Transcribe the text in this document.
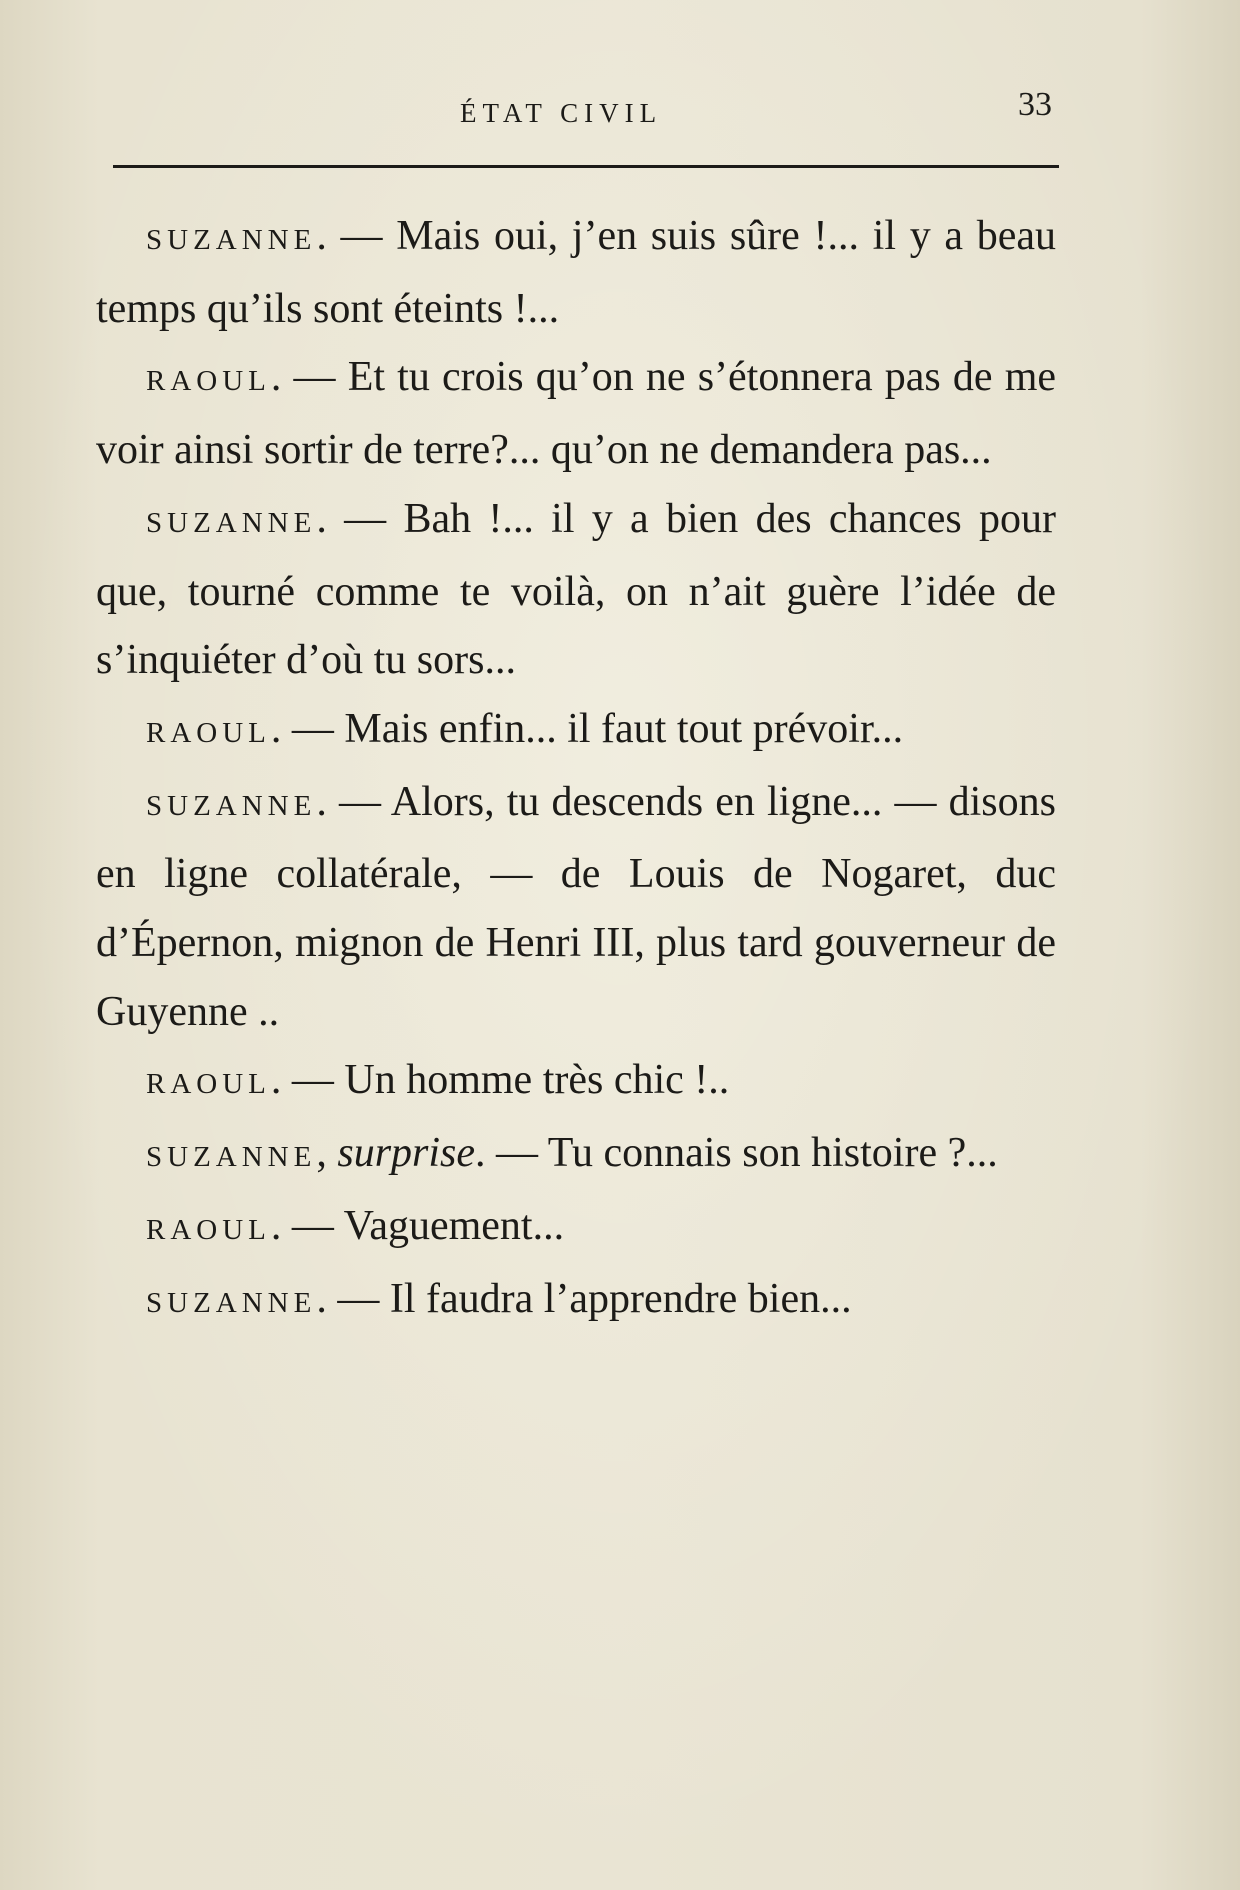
ÉTAT CIVIL	33

SUZANNE. — Mais oui, j’en suis sûre !... il y a beau temps qu’ils sont éteints !...

RAOUL. — Et tu crois qu’on ne s’étonnera pas de me voir ainsi sortir de terre?... qu’on ne demandera pas...

SUZANNE. — Bah !... il y a bien des chances pour que, tourné comme te voilà, on n’ait guère l’idée de s’inquiéter d’où tu sors...

RAOUL. — Mais enfin... il faut tout prévoir...

SUZANNE. — Alors, tu descends en ligne... — disons en ligne collatérale, — de Louis de Nogaret, duc d’Épernon, mignon de Henri III, plus tard gouverneur de Guyenne ..

RAOUL. — Un homme très chic !..

SUZANNE, surprise. — Tu connais son histoire ?...

RAOUL. — Vaguement...

SUZANNE. — Il faudra l’apprendre bien...
